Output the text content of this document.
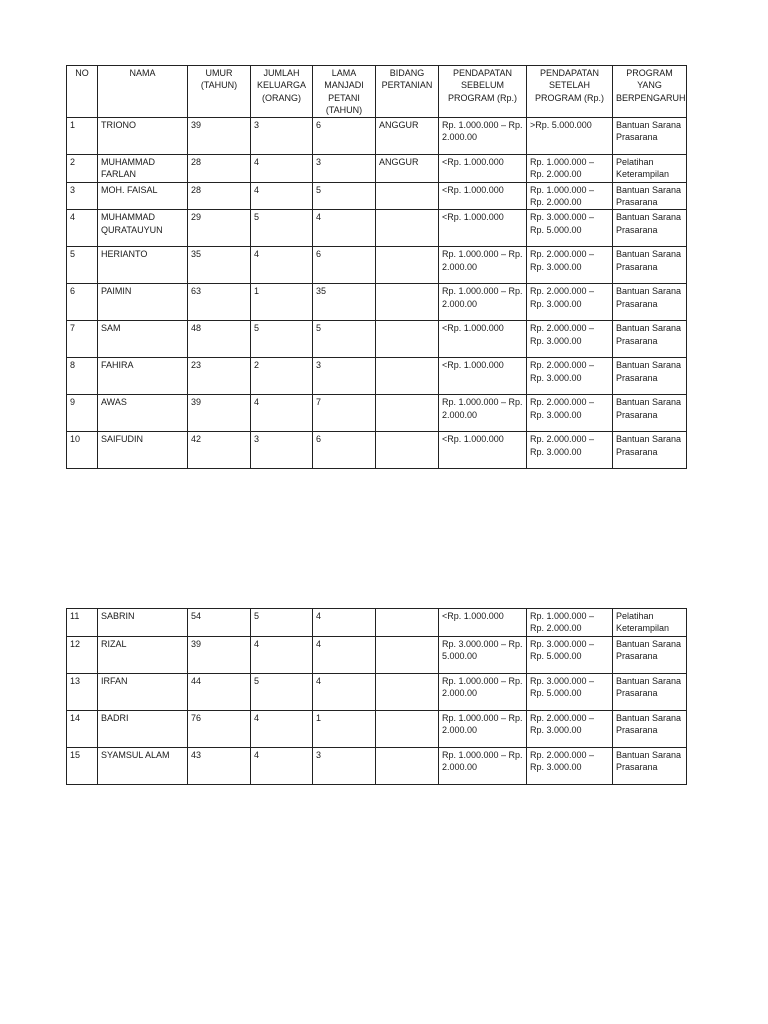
NO	NAMA	UMUR (TAHUN)	JUMLAH KELUARGA (ORANG)	LAMA MANJADI PETANI (TAHUN)	BIDANG PERTANIAN	PENDAPATAN SEBELUM PROGRAM (Rp.)	PENDAPATAN SETELAH PROGRAM (Rp.)	PROGRAM YANG BERPENGARUH
1	TRIONO	39	3	6	ANGGUR	Rp. 1.000.000 – Rp. 2.000.00	>Rp. 5.000.000	Bantuan Sarana Prasarana
2	MUHAMMAD FARLAN	28	4	3	ANGGUR	<Rp. 1.000.000	Rp. 1.000.000 – Rp. 2.000.00	Pelatihan Keterampilan
3	MOH. FAISAL	28	4	5		<Rp. 1.000.000	Rp. 1.000.000 – Rp. 2.000.00	Bantuan Sarana Prasarana
4	MUHAMMAD QURATAUYUN	29	5	4		<Rp. 1.000.000	Rp. 3.000.000 – Rp. 5.000.00	Bantuan Sarana Prasarana
5	HERIANTO	35	4	6		Rp. 1.000.000 – Rp. 2.000.00	Rp. 2.000.000 – Rp. 3.000.00	Bantuan Sarana Prasarana
6	PAIMIN	63	1	35		Rp. 1.000.000 – Rp. 2.000.00	Rp. 2.000.000 – Rp. 3.000.00	Bantuan Sarana Prasarana
7	SAM	48	5	5		<Rp. 1.000.000	Rp. 2.000.000 – Rp. 3.000.00	Bantuan Sarana Prasarana
8	FAHIRA	23	2	3		<Rp. 1.000.000	Rp. 2.000.000 – Rp. 3.000.00	Bantuan Sarana Prasarana
9	AWAS	39	4	7		Rp. 1.000.000 – Rp. 2.000.00	Rp. 2.000.000 – Rp. 3.000.00	Bantuan Sarana Prasarana
10	SAIFUDIN	42	3	6		<Rp. 1.000.000	Rp. 2.000.000 – Rp. 3.000.00	Bantuan Sarana Prasarana
11	SABRIN	54	5	4		<Rp. 1.000.000	Rp. 1.000.000 – Rp. 2.000.00	Pelatihan Keterampilan
12	RIZAL	39	4	4		Rp. 3.000.000 – Rp. 5.000.00	Rp. 3.000.000 – Rp. 5.000.00	Bantuan Sarana Prasarana
13	IRFAN	44	5	4		Rp. 1.000.000 – Rp. 2.000.00	Rp. 3.000.000 – Rp. 5.000.00	Bantuan Sarana Prasarana
14	BADRI	76	4	1		Rp. 1.000.000 – Rp. 2.000.00	Rp. 2.000.000 – Rp. 3.000.00	Bantuan Sarana Prasarana
15	SYAMSUL ALAM	43	4	3		Rp. 1.000.000 – Rp. 2.000.00	Rp. 2.000.000 – Rp. 3.000.00	Bantuan Sarana Prasarana
